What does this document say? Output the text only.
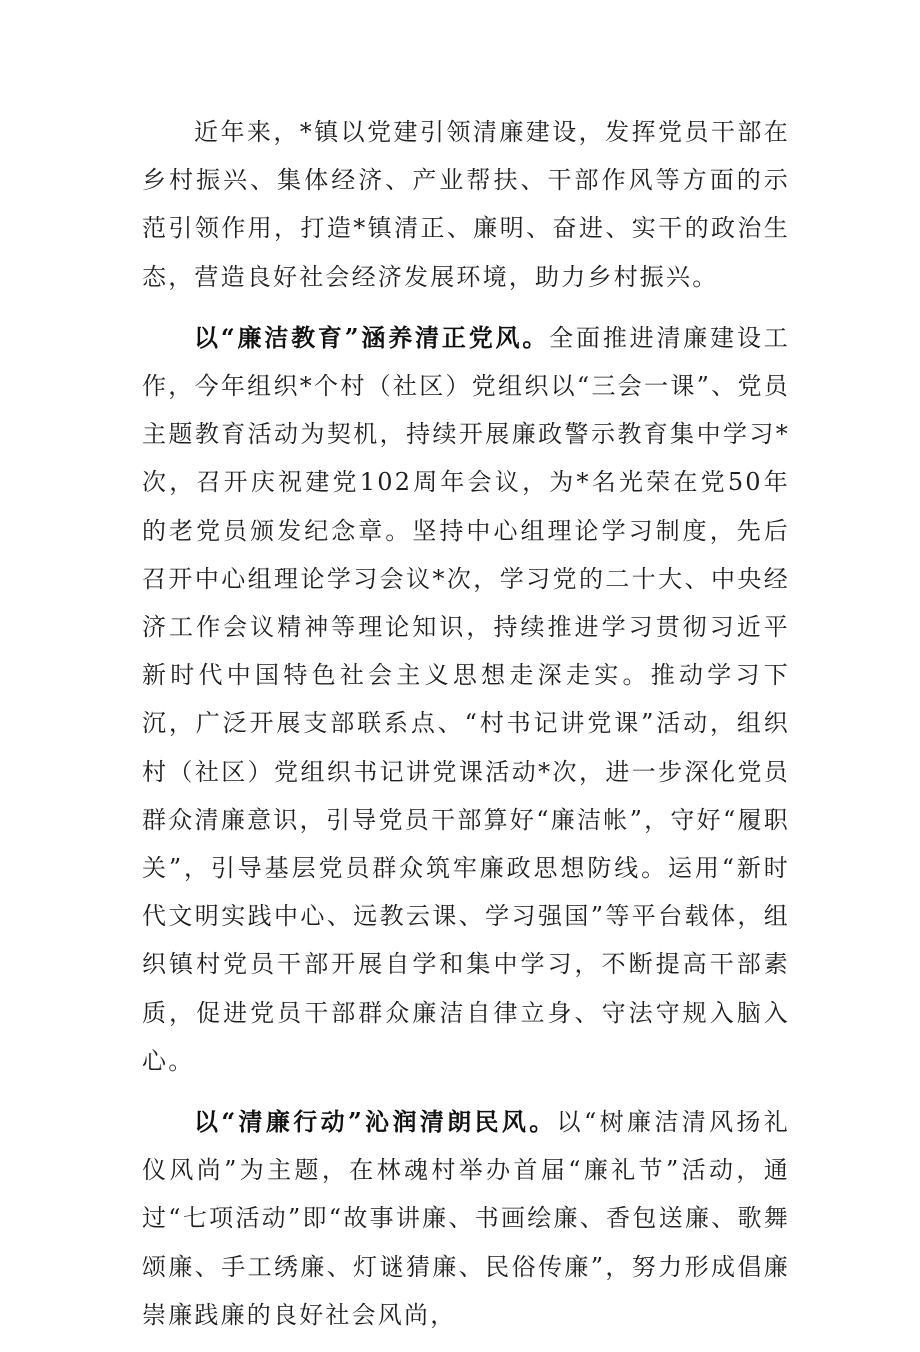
近年来，*镇以党建引领清廉建设，发挥党员干部在乡村振兴、集体经济、产业帮扶、干部作风等方面的示范引领作用，打造*镇清正、廉明、奋进、实干的政治生态，营造良好社会经济发展环境，助力乡村振兴。

以“廉洁教育”涵养清正党风。全面推进清廉建设工作，今年组织*个村（社区）党组织以“三会一课”、党员主题教育活动为契机，持续开展廉政警示教育集中学习*次，召开庆祝建党102周年会议，为*名光荣在党50年的老党员颁发纪念章。坚持中心组理论学习制度，先后召开中心组理论学习会议*次，学习党的二十大、中央经济工作会议精神等理论知识，持续推进学习贯彻习近平新时代中国特色社会主义思想走深走实。推动学习下沉，广泛开展支部联系点、“村书记讲党课”活动，组织村（社区）党组织书记讲党课活动*次，进一步深化党员群众清廉意识，引导党员干部算好“廉洁帐”，守好“履职关”，引导基层党员群众筑牢廉政思想防线。运用“新时代文明实践中心、远教云课、学习强国”等平台载体，组织镇村党员干部开展自学和集中学习，不断提高干部素质，促进党员干部群众廉洁自律立身、守法守规入脑入心。

以“清廉行动”沁润清朗民风。以“树廉洁清风扬礼仪风尚”为主题，在林魂村举办首届“廉礼节”活动，通过“七项活动”即“故事讲廉、书画绘廉、香包送廉、歌舞颂廉、手工绣廉、灯谜猜廉、民俗传廉”，努力形成倡廉崇廉践廉的良好社会风尚，
